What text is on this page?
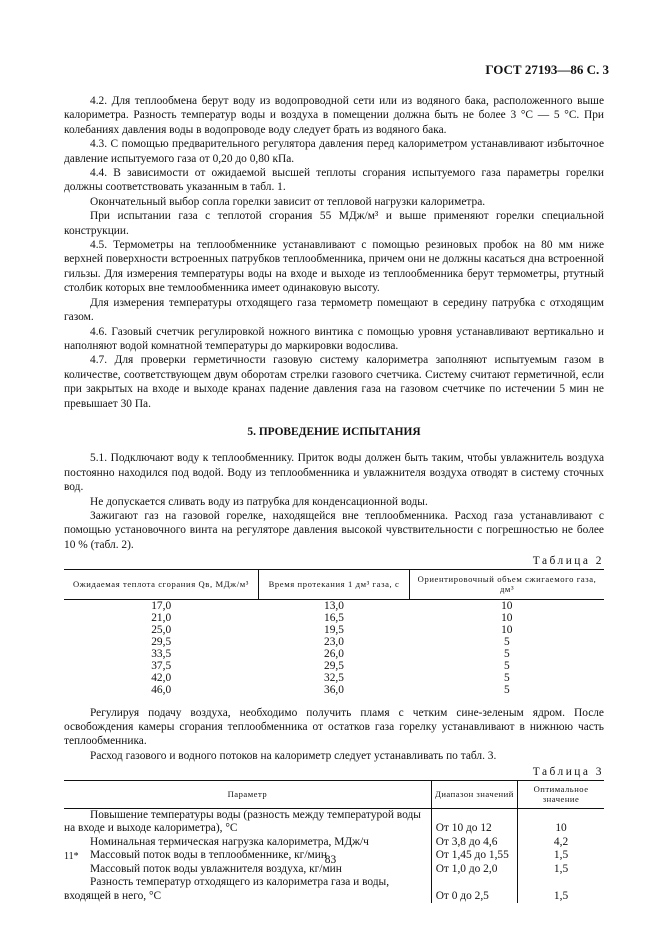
ГОСТ 27193—86 С. 3

4.2. Для теплообмена берут воду из водопроводной сети или из водяного бака, расположенного выше калориметра. Разность температур воды и воздуха в помещении должна быть не более 3 °С — 5 °С. При колебаниях давления воды в водопроводе воду следует брать из водяного бака.

4.3. С помощью предварительного регулятора давления перед калориметром устанавливают избыточное давление испытуемого газа от 0,20 до 0,80 кПа.

4.4. В зависимости от ожидаемой высшей теплоты сгорания испытуемого газа параметры горелки должны соответствовать указанным в табл. 1.

Окончательный выбор сопла горелки зависит от тепловой нагрузки калориметра.

При испытании газа с теплотой сгорания 55 МДж/м³ и выше применяют горелки специальной конструкции.

4.5. Термометры на теплообменнике устанавливают с помощью резиновых пробок на 80 мм ниже верхней поверхности встроенных патрубков теплообменника, причем они не должны касаться дна встроенной гильзы. Для измерения температуры воды на входе и выходе из теплообменника берут термометры, ртутный столбик которых вне темлообменника имеет одинаковую высоту.

Для измерения температуры отходящего газа термометр помещают в середину патрубка с отходящим газом.

4.6. Газовый счетчик регулировкой ножного винтика с помощью уровня устанавливают вертикально и наполняют водой комнатной температуры до маркировки водослива.

4.7. Для проверки герметичности газовую систему калориметра заполняют испытуемым газом в количестве, соответствующем двум оборотам стрелки газового счетчика. Систему считают герметичной, если при закрытых на входе и выходе кранах падение давления газа на газовом счетчике по истечении 5 мин не превышает 30 Па.

5. ПРОВЕДЕНИЕ ИСПЫТАНИЯ

5.1. Подключают воду к теплообменнику. Приток воды должен быть таким, чтобы увлажнитель воздуха постоянно находился под водой. Воду из теплообменника и увлажнителя воздуха отводят в систему сточных вод.

Не допускается сливать воду из патрубка для конденсационной воды.

Зажигают газ на газовой горелке, находящейся вне теплообменника. Расход газа устанавливают с помощью установочного винта на регуляторе давления высокой чувствительности с погрешностью не более 10 % (табл. 2).

Таблица 2
Ожидаемая теплота сгорания Qв, МДж/м³	Время протекания 1 дм³ газа, с	Ориентировочный объем сжигаемого газа, дм³
17,0	13,0	10
21,0	16,5	10
25,0	19,5	10
29,5	23,0	5
33,5	26,0	5
37,5	29,5	5
42,0	32,5	5
46,0	36,0	5

Регулируя подачу воздуха, необходимо получить пламя с четким сине-зеленым ядром. После освобождения камеры сгорания теплообменника от остатков газа горелку устанавливают в нижнюю часть теплообменника.

Расход газового и водного потоков на калориметр следует устанавливать по табл. 3.

Таблица 3
Параметр	Диапазон значений	Оптимальное значение

Повышение температуры воды (разность между температурой воды на входе и выходе калориметра), °С	От 10 до 12	10
Номинальная термическая нагрузка калориметра, МДж/ч	От 3,8 до 4,6	4,2
Массовый поток воды в теплообменнике, кг/мин	От 1,45 до 1,55	1,5
Массовый поток воды увлажнителя воздуха, кг/мин	От 1,0 до 2,0	1,5

Разность температур отходящего из калориметра газа и воды, входящей в него, °С	От 0 до 2,5	1,5
11*	83
